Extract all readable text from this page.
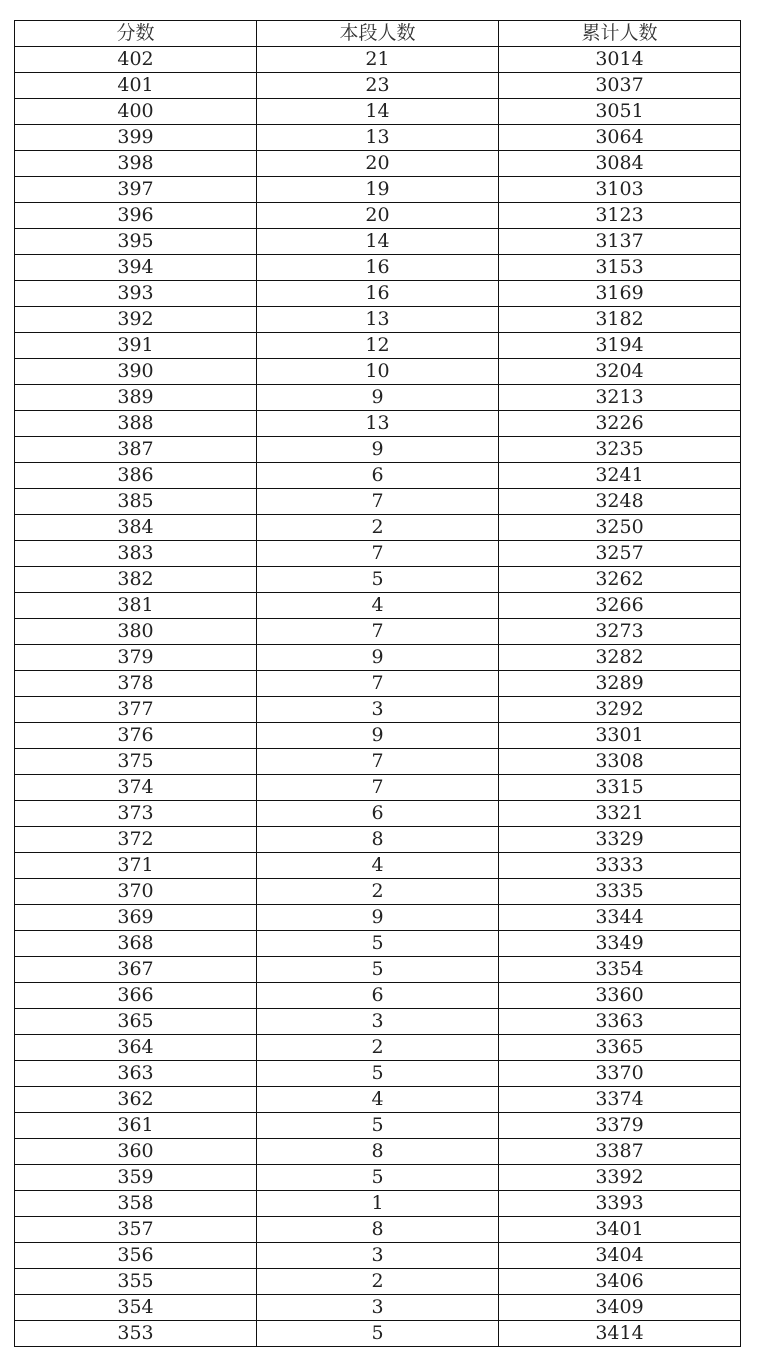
分数	本段人数	累计人数
402	21	3014
401	23	3037
400	14	3051
399	13	3064
398	20	3084
397	19	3103
396	20	3123
395	14	3137
394	16	3153
393	16	3169
392	13	3182
391	12	3194
390	10	3204
389	9	3213
388	13	3226
387	9	3235
386	6	3241
385	7	3248
384	2	3250
383	7	3257
382	5	3262
381	4	3266
380	7	3273
379	9	3282
378	7	3289
377	3	3292
376	9	3301
375	7	3308
374	7	3315
373	6	3321
372	8	3329
371	4	3333
370	2	3335
369	9	3344
368	5	3349
367	5	3354
366	6	3360
365	3	3363
364	2	3365
363	5	3370
362	4	3374
361	5	3379
360	8	3387
359	5	3392
358	1	3393
357	8	3401
356	3	3404
355	2	3406
354	3	3409
353	5	3414
